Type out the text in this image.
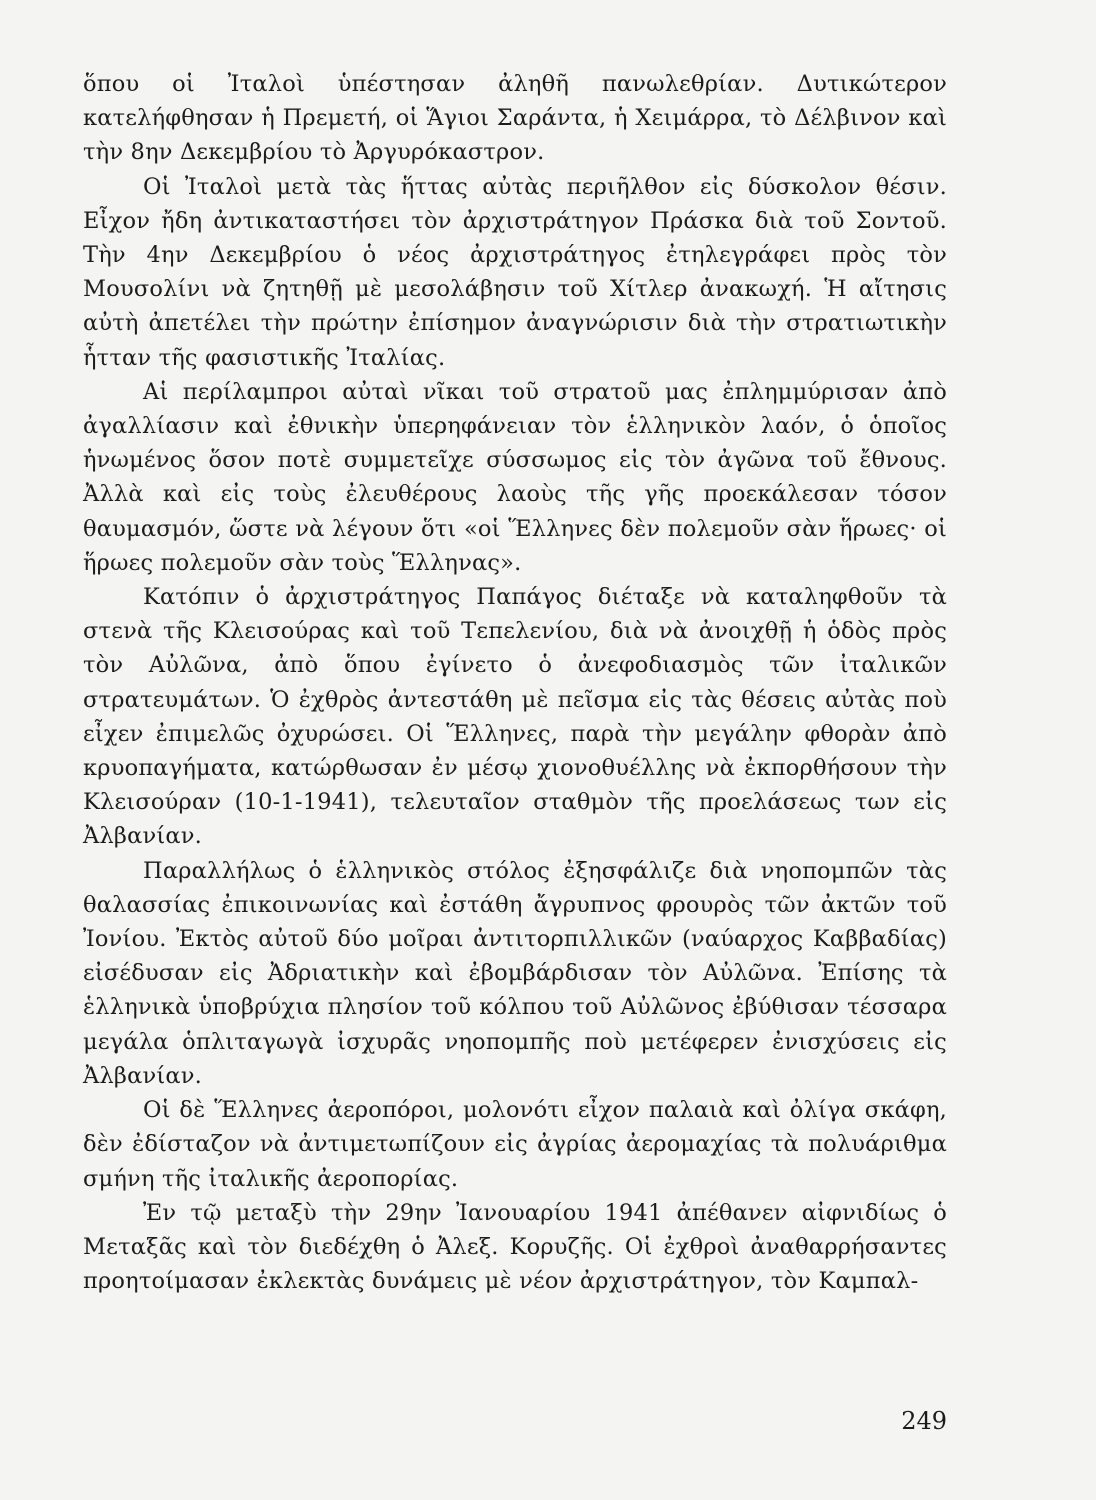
ὅπου οἱ Ἰταλοὶ ὑπέστησαν ἀληθῆ πανωλεθρίαν. Δυτικώτερον κατελήφθησαν ἡ Πρεμετή, οἱ Ἅγιοι Σαράντα, ἡ Χειμάρρα, τὸ Δέλβινον καὶ τὴν 8ην Δεκεμβρίου τὸ Ἀργυρόκαστρον.

Οἱ Ἰταλοὶ μετὰ τὰς ἥττας αὐτὰς περιῆλθον εἰς δύσκολον θέσιν. Εἶχον ἤδη ἀντικαταστήσει τὸν ἀρχιστράτηγον Πράσκα διὰ τοῦ Σοντοῦ. Τὴν 4ην Δεκεμβρίου ὁ νέος ἀρχιστράτηγος ἐτηλεγράφει πρὸς τὸν Μουσολίνι νὰ ζητηθῇ μὲ μεσολάβησιν τοῦ Χίτλερ ἀνακωχή. Ἡ αἴτησις αὐτὴ ἀπετέλει τὴν πρώτην ἐπίσημον ἀναγνώρισιν διὰ τὴν στρατιωτικὴν ἧτταν τῆς φασιστικῆς Ἰταλίας.

Αἱ περίλαμπροι αὐταὶ νῖκαι τοῦ στρατοῦ μας ἐπλημμύρισαν ἀπὸ ἀγαλλίασιν καὶ ἐθνικὴν ὑπερηφάνειαν τὸν ἑλληνικὸν λαόν, ὁ ὁποῖος ἡνωμένος ὅσον ποτὲ συμμετεῖχε σύσσωμος εἰς τὸν ἀγῶνα τοῦ ἔθνους. Ἀλλὰ καὶ εἰς τοὺς ἐλευθέρους λαοὺς τῆς γῆς προεκάλεσαν τόσον θαυμασμόν, ὥστε νὰ λέγουν ὅτι «οἱ Ἕλληνες δὲν πολεμοῦν σὰν ἥρωες· οἱ ἥρωες πολεμοῦν σὰν τοὺς Ἕλληνας».

Κατόπιν ὁ ἀρχιστράτηγος Παπάγος διέταξε νὰ καταληφθοῦν τὰ στενὰ τῆς Κλεισούρας καὶ τοῦ Τεπελενίου, διὰ νὰ ἀνοιχθῇ ἡ ὁδὸς πρὸς τὸν Αὐλῶνα, ἀπὸ ὅπου ἐγίνετο ὁ ἀνεφοδιασμὸς τῶν ἰταλικῶν στρατευμάτων. Ὁ ἐχθρὸς ἀντεστάθη μὲ πεῖσμα εἰς τὰς θέσεις αὐτὰς ποὺ εἶχεν ἐπιμελῶς ὀχυρώσει. Οἱ Ἕλληνες, παρὰ τὴν μεγάλην φθορὰν ἀπὸ κρυοπαγήματα, κατώρθωσαν ἐν μέσῳ χιονοθυέλλης νὰ ἐκπορθήσουν τὴν Κλεισούραν (10-1-1941), τελευταῖον σταθμὸν τῆς προελάσεως των εἰς Ἀλβανίαν.

Παραλλήλως ὁ ἑλληνικὸς στόλος ἐξησφάλιζε διὰ νηοπομπῶν τὰς θαλασσίας ἐπικοινωνίας καὶ ἐστάθη ἄγρυπνος φρουρὸς τῶν ἀκτῶν τοῦ Ἰονίου. Ἐκτὸς αὐτοῦ δύο μοῖραι ἀντιτορπιλλικῶν (ναύαρχος Καββαδίας) εἰσέδυσαν εἰς Ἀδριατικὴν καὶ ἐβομβάρδισαν τὸν Αὐλῶνα. Ἐπίσης τὰ ἑλληνικὰ ὑποβρύχια πλησίον τοῦ κόλπου τοῦ Αὐλῶνος ἐβύθισαν τέσσαρα μεγάλα ὁπλιταγωγὰ ἰσχυρᾶς νηοπομπῆς ποὺ μετέφερεν ἐνισχύσεις εἰς Ἀλβανίαν.

Οἱ δὲ Ἕλληνες ἀεροπόροι, μολονότι εἶχον παλαιὰ καὶ ὀλίγα σκάφη, δὲν ἐδίσταζον νὰ ἀντιμετωπίζουν εἰς ἀγρίας ἀερομαχίας τὰ πολυάριθμα σμήνη τῆς ἰταλικῆς ἀεροπορίας.

Ἐν τῷ μεταξὺ τὴν 29ην Ἰανουαρίου 1941 ἀπέθανεν αἰφνιδίως ὁ Μεταξᾶς καὶ τὸν διεδέχθη ὁ Ἀλεξ. Κορυζῆς. Οἱ ἐχθροὶ ἀναθαρρήσαντες προητοίμασαν ἐκλεκτὰς δυνάμεις μὲ νέον ἀρχιστράτηγον, τὸν Καμπαλ-

249
